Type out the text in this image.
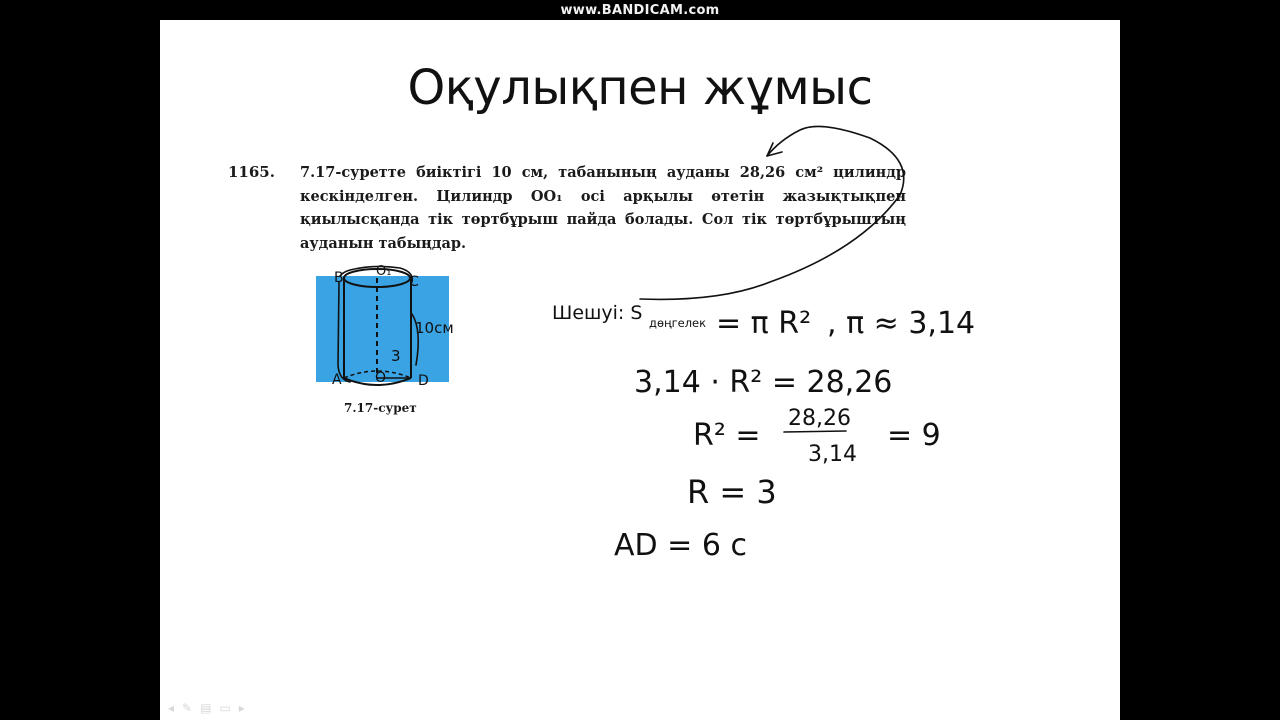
www.BANDICAM.com
Оқулықпен жұмыс
1165. 7.17-суретте биіктігі 10 см, табанының ауданы 28,26 см² цилиндр
кескінделген. Цилиндр OO₁ осі арқылы өтетін жазықтықпен
қиылысқанда тік төртбұрыш пайда болады. Сол тік төртбұрыштың
ауданын табыңдар.
B O₁
C
A O D
10см
3
= π R² , π ≈ 3,14
3,14 · R² = 28,26
R² = 28,26
3,14
= 9
R = 3
AD = 6 с
7.17-сурет
Шешуі: S дөңгелек
◂ ✎ ▤ ▭ ▸
